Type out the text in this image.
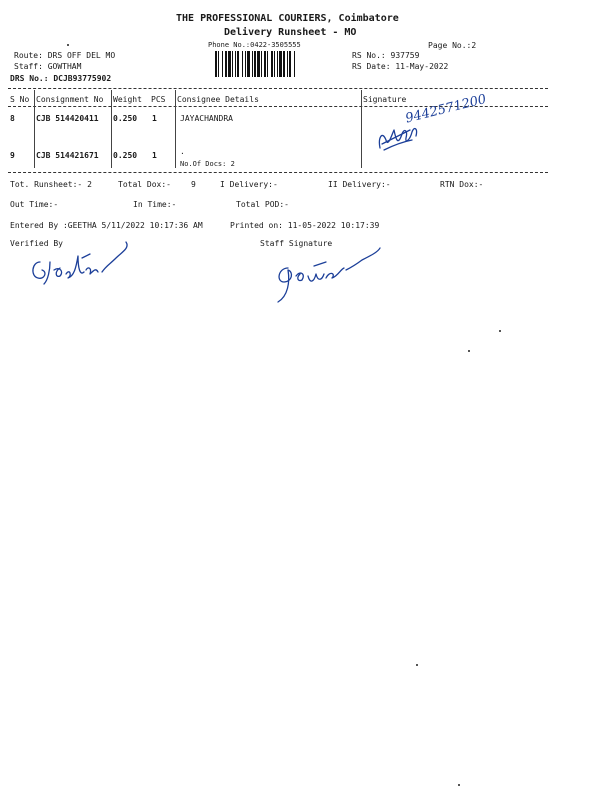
THE PROFESSIONAL COURIERS, Coimbatore
Delivery Runsheet - MO
Phone No.:0422-3505555	Page No.:2
Route: DRS OFF DEL MO
Staff: GOWTHAM
DRS No.: DCJB93775902
RS No.: 937759
RS Date: 11-May-2022
S No Consignment No Weight PCS Consignee Details	Signature
8	CJB 514420411 0.250 1	JAYACHANDRA
9	CJB 514421671 0.250 1	.
No.Of Docs: 2
9442571200
Tot. Runsheet:- 2	Total Dox:-	9	I Delivery:-	II Delivery:-	RTN Dox:-
Out Time:-	In Time:-	Total POD:-
Entered By :GEETHA 5/11/2022 10:17:36 AM	Printed on: 11-05-2022 10:17:39
Verified By	Staff Signature
